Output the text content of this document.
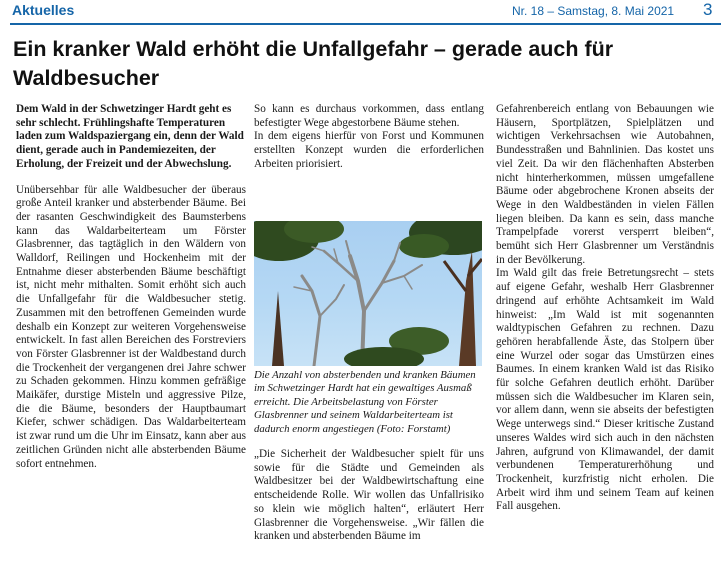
Aktuelles	Nr. 18 – Samstag, 8. Mai 2021 3
Ein kranker Wald erhöht die Unfallgefahr – gerade auch für Waldbesucher

Dem Wald in der Schwetzinger Hardt geht es sehr schlecht. Frühlingshafte Temperaturen laden zum Waldspaziergang ein, denn der Wald dient, gerade auch in Pandemiezeiten, der Erholung, der Freizeit und der Abwechslung.

Unübersehbar für alle Waldbesucher der überaus große Anteil kranker und absterbender Bäume. Bei der rasanten Geschwindigkeit des Baumsterbens kann das Waldarbeiterteam um Förster Glasbrenner, das tagtäglich in den Wäldern von Walldorf, Reilingen und Hockenheim mit der Entnahme dieser absterbenden Bäume beschäftigt ist, nicht mehr mithalten. Somit erhöht sich auch die Unfallgefahr für die Waldbesucher stetig. Zusammen mit den betroffenen Gemeinden wurde deshalb ein Konzept zur weiteren Vorgehensweise entwickelt. In fast allen Bereichen des Forstreviers von Förster Glasbrenner ist der Waldbestand durch die Trockenheit der vergangenen drei Jahre schwer zu Schaden gekommen. Hinzu kommen gefräßige Maikäfer, durstige Misteln und aggressive Pilze, die die Bäume, besonders der Hauptbaumart Kiefer, schwer schädigen. Das Waldarbeiterteam ist zwar rund um die Uhr im Einsatz, kann aber aus zeitlichen Gründen nicht alle absterbenden Bäume sofort entnehmen.

So kann es durchaus vorkommen, dass entlang befestigter Wege abgestorbene Bäume stehen.

In dem eigens hierfür von Forst und Kommunen erstellten Konzept wurden die erforderlichen Arbeiten priorisiert.

Die Anzahl von absterbenden und kranken Bäumen im Schwetzinger Hardt hat ein gewaltiges Ausmaß erreicht. Die Arbeitsbelastung von Förster Glasbrenner und seinem Waldarbeiterteam ist dadurch enorm angestiegen (Foto: Forstamt)

„Die Sicherheit der Waldbesucher spielt für uns sowie für die Städte und Gemeinden als Waldbesitzer bei der Waldbewirtschaftung eine entscheidende Rolle. Wir wollen das Unfallrisiko so klein wie möglich halten“, erläutert Herr Glasbrenner die Vorgehensweise. „Wir fällen die kranken und absterbenden Bäume im

Gefahrenbereich entlang von Bebauungen wie Häusern, Sportplätzen, Spielplätzen und wichtigen Verkehrsachsen wie Autobahnen, Bundesstraßen und Bahnlinien. Das kostet uns viel Zeit. Da wir den flächenhaften Absterben nicht hinterherkommen, müssen umgefallene Bäume oder abgebrochene Kronen abseits der Wege in den Waldbeständen in vielen Fällen liegen bleiben. Da kann es sein, dass manche Trampelpfade vorerst versperrt bleiben“, bemüht sich Herr Glasbrenner um Verständnis in der Bevölkerung.

Im Wald gilt das freie Betretungsrecht – stets auf eigene Gefahr, weshalb Herr Glasbrenner dringend auf erhöhte Achtsamkeit im Wald hinweist: „Im Wald ist mit sogenannten waldtypischen Gefahren zu rechnen. Dazu gehören herabfallende Äste, das Stolpern über eine Wurzel oder sogar das Umstürzen eines Baumes. In einem kranken Wald ist das Risiko für solche Gefahren deutlich erhöht. Darüber müssen sich die Waldbesucher im Klaren sein, vor allem dann, wenn sie abseits der befestigten Wege unterwegs sind.“ Dieser kritische Zustand unseres Waldes wird sich auch in den nächsten Jahren, aufgrund von Klimawandel, der damit verbundenen Temperaturerhöhung und Trockenheit, kurzfristig nicht erholen. Die Arbeit wird ihm und seinem Team auf keinen Fall ausgehen.
